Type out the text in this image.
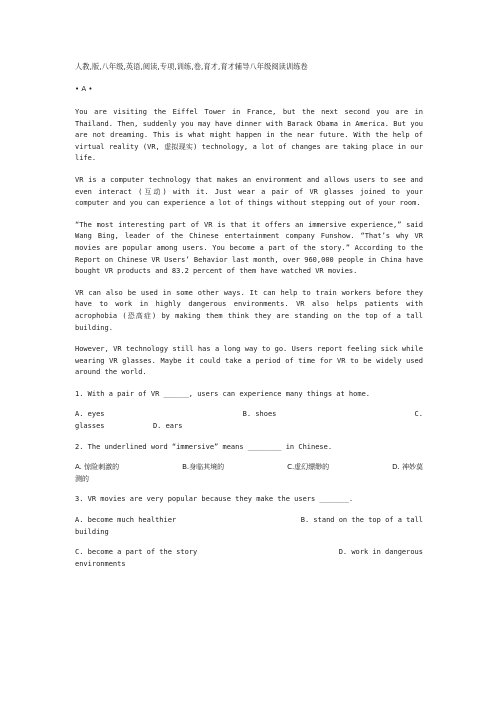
人教,版,八年级,英语,阅读,专项,训练,卷,育才,育才辅导八年级阅读训练卷
• A •

You are visiting the Eiffel Tower in France, but the next second you are in Thailand. Then, suddenly you may have dinner with Barack Obama in America. But you are not dreaming. This is what might happen in the near future. With the help of virtual reality (VR, 虚拟现实) technology, a lot of changes are taking place in our life.

VR is a computer technology that makes an environment and allows users to see and even interact (互动) with it. Just wear a pair of VR glasses joined to your computer and you can experience a lot of things without stepping out of your room.

“The most interesting part of VR is that it offers an immersive experience,” said Wang Bing, leader of the Chinese entertainment company Funshow. “That’s why VR movies are popular among users. You become a part of the story.” According to the Report on Chinese VR Users’ Behavior last month, over 960,000 people in China have bought VR products and 83.2 percent of them have watched VR movies.

VR can also be used in some other ways. It can help to train workers before they have to work in highly dangerous environments. VR also helps patients with acrophobia (恐高症) by making them think they are standing on the top of a tall building.

However, VR technology still has a long way to go. Users report feeling sick while wearing VR glasses. Maybe it could take a period of time for VR to be widely used around the world.

1. With a pair of VR ______, users can experience many things at home.
A. eyes	B. shoes	C.
glasses	D. ears
2. The underlined word “immersive” means ________ in Chinese.
A. 惊险刺激的	B.身临其境的	C.虚幻缥缈的	D. 神妙莫
测的
3. VR movies are very popular because they make the users _______.
A. become much healthier	B. stand on the top of a tall
building
C. become a part of the story	D. work in dangerous
environments
